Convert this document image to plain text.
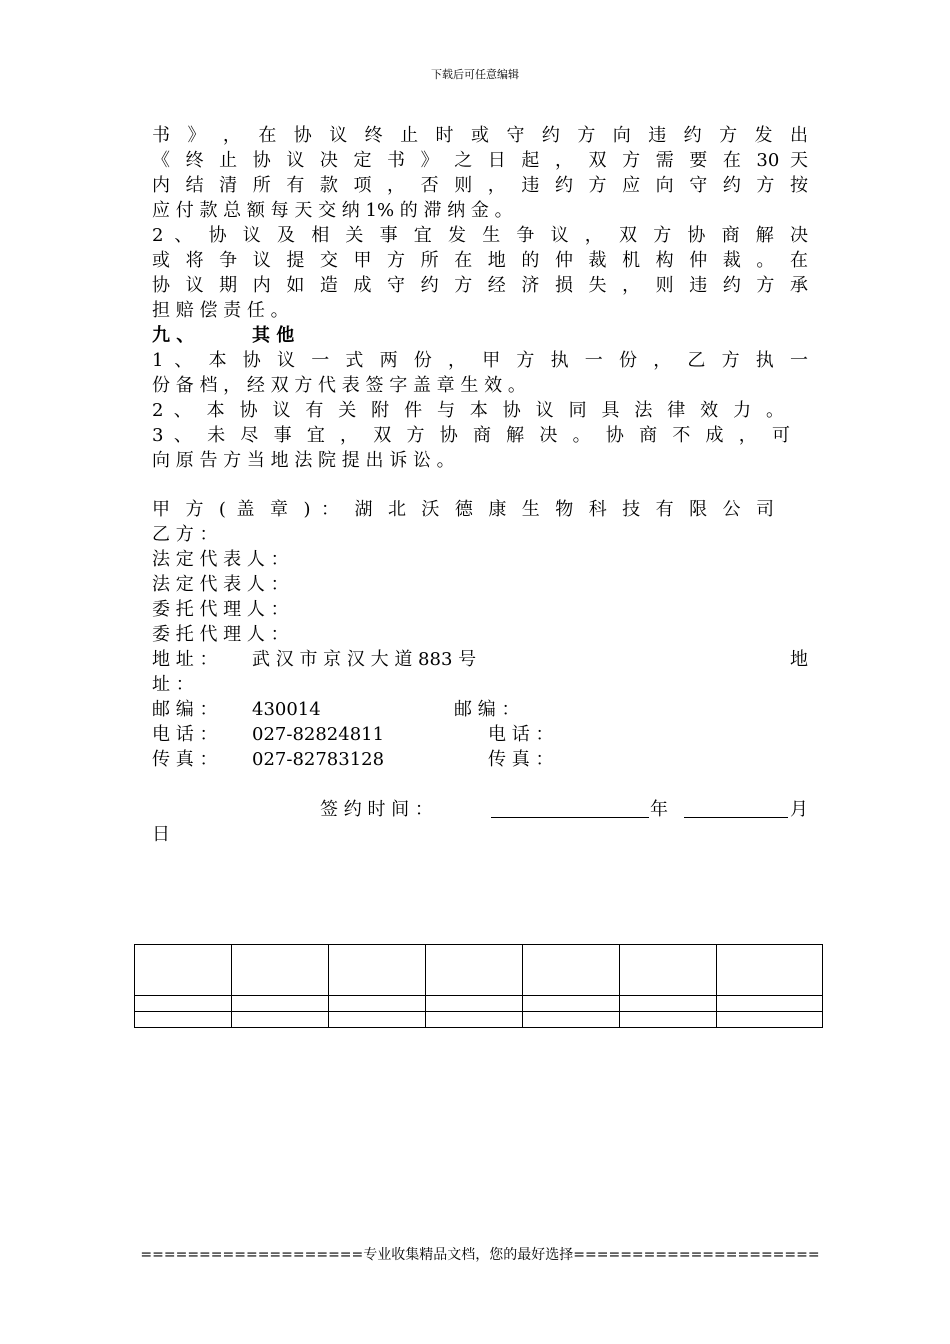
下载后可任意编辑
书 》 ， 在 协 议 终 止 时 或 守 约 方 向 违 约 方 发 出
《 终 止 协 议 决 定 书 》 之 日 起 ， 双 方 需 要 在 30 天
内 结 清 所 有 款 项 ， 否 则 ， 违 约 方 应 向 守 约 方 按
应 付 款 总 额 每 天 交 纳 1% 的 滞 纳 金 。
2 、 协 议 及 相 关 事 宜 发 生 争 议 ， 双 方 协 商 解 决
或 将 争 议 提 交 甲 方 所 在 地 的 仲 裁 机 构 仲 裁 。 在
协 议 期 内 如 造 成 守 约 方 经 济 损 失 ， 则 违 约 方 承
担 赔 偿 责 任 。
九 、	其 他
1 、 本 协 议 一 式 两 份 ， 甲 方 执 一 份 ， 乙 方 执 一
份 备 档 ， 经 双 方 代 表 签 字 盖 章 生 效 。
2 、 本 协 议 有 关 附 件 与 本 协 议 同 具 法 律 效 力 。
3 、 未 尽 事 宜 ， 双 方 协 商 解 决 。 协 商 不 成 ， 可
向 原 告 方 当 地 法 院 提 出 诉 讼 。
甲 方 ( 盖 章 ) ： 湖 北 沃 德 康 生 物 科 技 有 限 公 司
乙 方 ：
法 定 代 表 人 ：
法 定 代 表 人 ：
委 托 代 理 人 ：
委 托 代 理 人 ：
地 址 ： 武 汉 市 京 汉 大 道 883 号	地
址 ：
邮 编 ： 430014	邮 编 ：
电 话 ： 027-82824811	电 话 ：
传 真 ： 027-82783128	传 真 ：
签 约 时 间 ：	年	月
日

===================专业收集精品文档，您的最好选择=====================
